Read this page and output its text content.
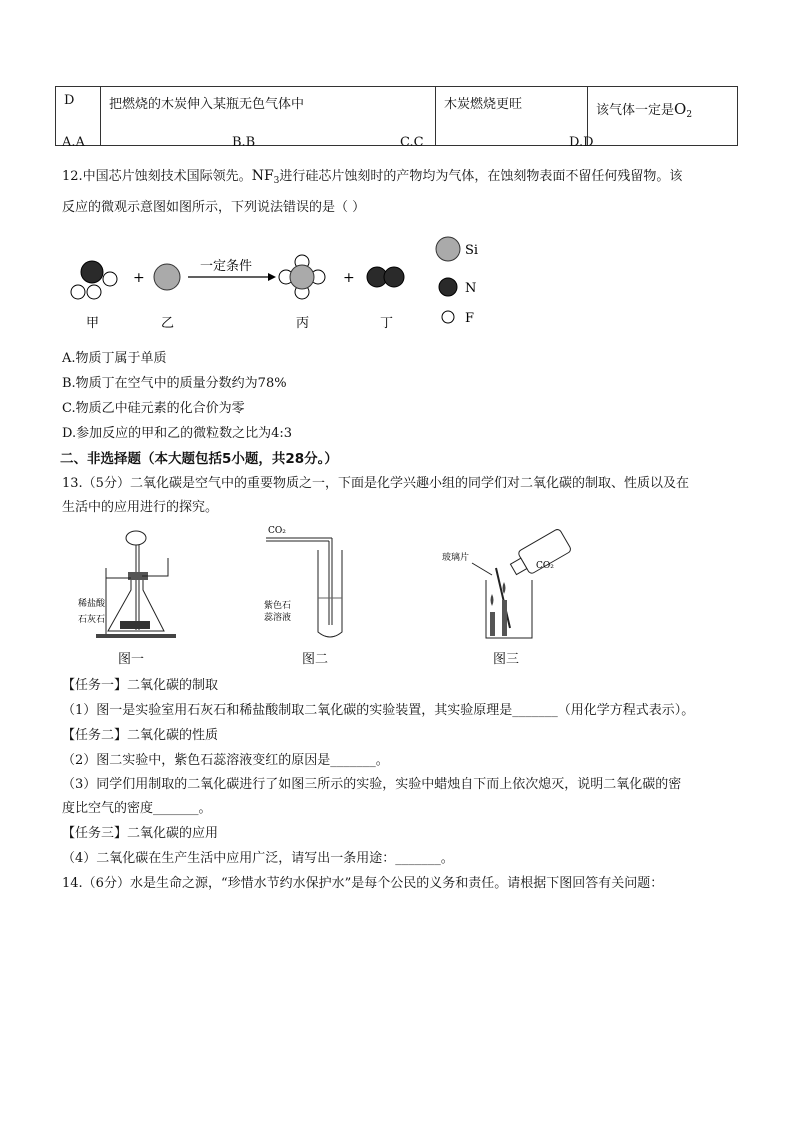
D	把燃烧的木炭伸入某瓶无色气体中	木炭燃烧更旺	该气体一定是$O_2$
A.A	B.B	C.C	D.D
12.中国芯片蚀刻技术国际领先。$NF_3$进行硅芯片蚀刻时的产物均为气体，在蚀刻物表面不留任何残留物。该
反应的微观示意图如图所示，下列说法错误的是（ ）
+
一定条件
+
甲	乙	丙	丁
Si
N
F
A.物质丁属于单质
B.物质丁在空气中的质量分数约为78%
C.物质乙中硅元素的化合价为零
D.参加反应的甲和乙的微粒数之比为4:3
二、非选择题（本大题包括5小题，共28分。）
13.（5分）二氧化碳是空气中的重要物质之一，下面是化学兴趣小组的同学们对二氧化碳的制取、性质以及在
生活中的应用进行的探究。
稀盐酸
石灰石
CO₂
紫色石
蕊溶液
玻璃片
CO₂
图一	图二	图三
【任务一】二氧化碳的制取
（1）图一是实验室用石灰石和稀盐酸制取二氧化碳的实验装置，其实验原理是_______（用化学方程式表示）。
【任务二】二氧化碳的性质
（2）图二实验中，紫色石蕊溶液变红的原因是_______。
（3）同学们用制取的二氧化碳进行了如图三所示的实验，实验中蜡烛自下而上依次熄灭，说明二氧化碳的密
度比空气的密度_______。
【任务三】二氧化碳的应用
（4）二氧化碳在生产生活中应用广泛，请写出一条用途：_______。
14.（6分）水是生命之源，“珍惜水节约水保护水”是每个公民的义务和责任。请根据下图回答有关问题：
